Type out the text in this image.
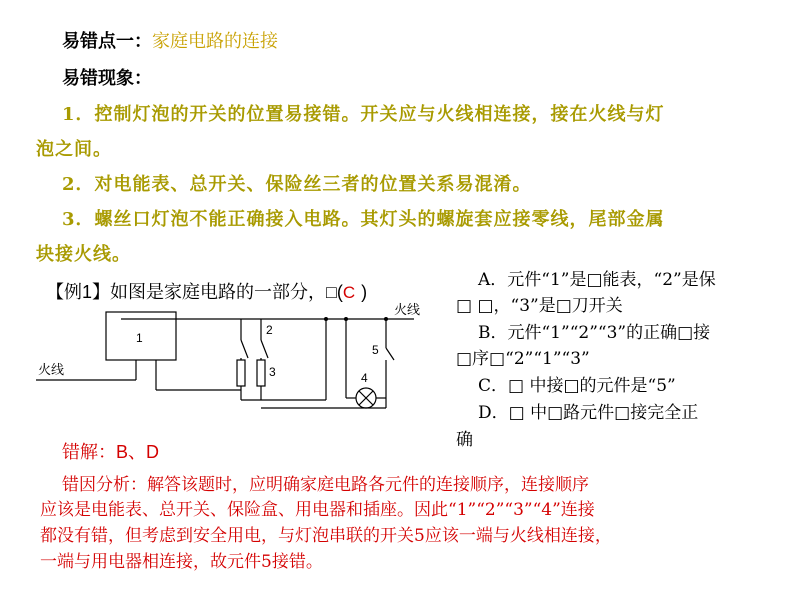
易错点一：家庭电路的连接
易错现象：
1．控制灯泡的开关的位置易接错。开关应与火线相连接，接在火线与灯
泡之间。
2．对电能表、总开关、保险丝三者的位置关系易混淆。
3．螺丝口灯泡不能正确接入电路。其灯头的螺旋套应接零线，尾部金属
块接火线。
【例1】如图是家庭电路的一部分，□(C )
A．元件“1”是□能表，“2”是保
□ □，“3”是□刀开关
B．元件“1”“2”“3”的正确□接
□序□“2”“1”“3”
C．□ 中接□的元件是“5”
D．□ 中□路元件□接完全正
确
1
2
3	4
5
火线
火线
错解：B、D
错因分析：解答该题时，应明确家庭电路各元件的连接顺序，连接顺序
应该是电能表、总开关、保险盒、用电器和插座。因此“1”“2”“3”“4”连接
都没有错，但考虑到安全用电，与灯泡串联的开关5应该一端与火线相连接，
一端与用电器相连接，故元件5接错。
